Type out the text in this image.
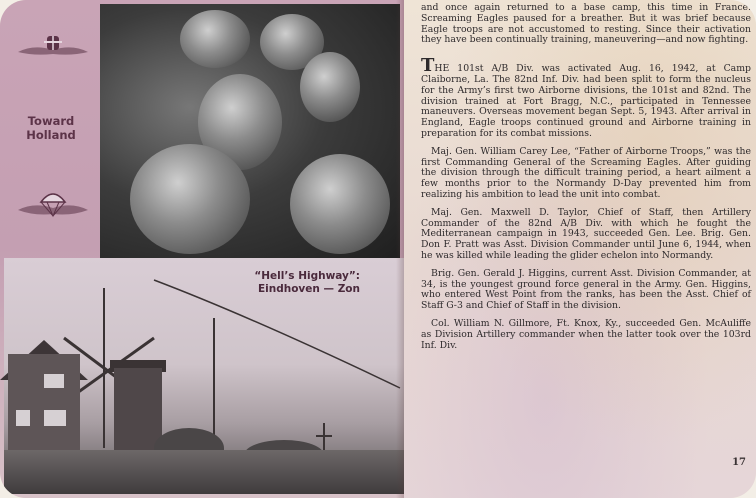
Toward Holland
“Hell’s Highway”:
Eindhoven — Zon

and once again returned to a base camp, this time in France. Screaming Eagles paused for a breather. But it was brief because Eagle troops are not accustomed to resting. Since their activation they have been continually training, maneuvering—and now fighting.

THE 101st A/B Div. was activated Aug. 16, 1942, at Camp Claiborne, La. The 82nd Inf. Div. had been split to form the nucleus for the Army’s first two Airborne divisions, the 101st and 82nd. The division trained at Fort Bragg, N.C., participated in Tennessee maneuvers. Overseas movement began Sept. 5, 1943. After arrival in England, Eagle troops continued ground and Airborne training in preparation for its combat missions.

Maj. Gen. William Carey Lee, “Father of Airborne Troops,” was the first Commanding General of the Screaming Eagles. After guiding the division through the difficult training period, a heart ailment a few months prior to the Normandy D-Day prevented him from realizing his ambition to lead the unit into combat.

Maj. Gen. Maxwell D. Taylor, Chief of Staff, then Artillery Commander of the 82nd A/B Div. with which he fought the Mediterranean campaign in 1943, succeeded Gen. Lee. Brig. Gen. Don F. Pratt was Asst. Division Commander until June 6, 1944, when he was killed while leading the glider echelon into Normandy.

Brig. Gen. Gerald J. Higgins, current Asst. Division Commander, at 34, is the youngest ground force general in the Army. Gen. Higgins, who entered West Point from the ranks, has been the Asst. Chief of Staff G-3 and Chief of Staff in the division.

Col. William N. Gillmore, Ft. Knox, Ky., succeeded Gen. McAuliffe as Division Artillery commander when the latter took over the 103rd Inf. Div.

17
